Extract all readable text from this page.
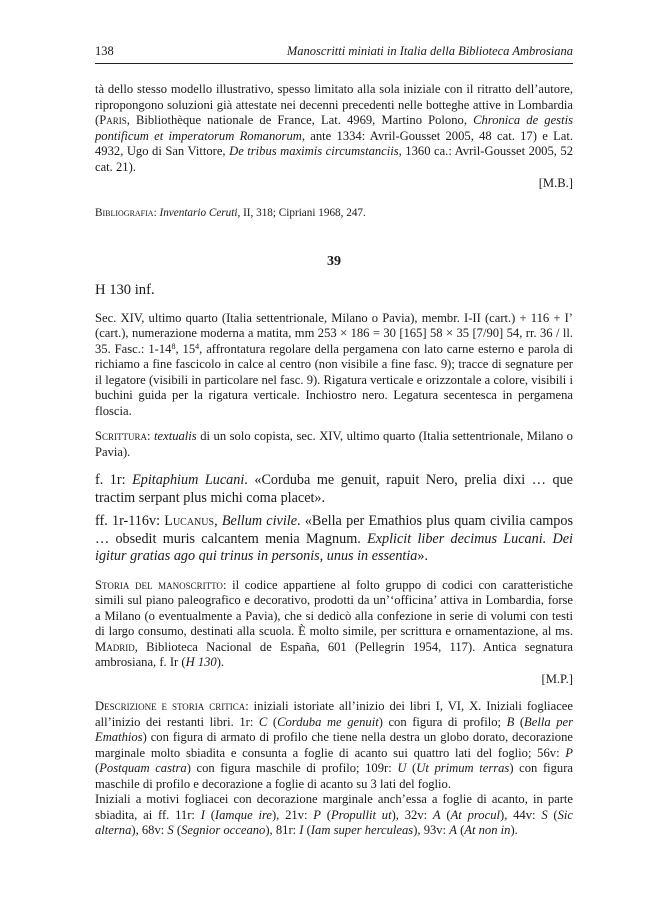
138	Manoscritti miniati in Italia della Biblioteca Ambrosiana

tà dello stesso modello illustrativo, spesso limitato alla sola iniziale con il ritratto dell’autore, ripropongono soluzioni già attestate nei decenni precedenti nelle botteghe attive in Lombardia (Paris, Bibliothèque nationale de France, Lat. 4969, Martino Polono, Chronica de gestis pontificum et imperatorum Romanorum, ante 1334: Avril-Gousset 2005, 48 cat. 17) e Lat. 4932, Ugo di San Vittore, De tribus maximis circumstanciis, 1360 ca.: Avril-Gousset 2005, 52 cat. 21).

[M.B.]

Bibliografia: Inventario Ceruti, II, 318; Cipriani 1968, 247.

39
H 130 inf.

Sec. XIV, ultimo quarto (Italia settentrionale, Milano o Pavia), membr. I-II (cart.) + 116 + I’ (cart.), numerazione moderna a matita, mm 253 × 186 = 30 [165] 58 × 35 [7/90] 54, rr. 36 / ll. 35. Fasc.: $1-14^8$, $15^4$, affrontatura regolare della pergamena con lato carne esterno e parola di richiamo a fine fascicolo in calce al centro (non visibile a fine fasc. 9); tracce di segnature per il legatore (visibili in particolare nel fasc. 9). Rigatura verticale e orizzontale a colore, visibili i buchini guida per la rigatura verticale. Inchiostro nero. Legatura secentesca in pergamena floscia.

Scrittura: textualis di un solo copista, sec. XIV, ultimo quarto (Italia settentrionale, Milano o Pavia).

f. 1r: Epitaphium Lucani. «Corduba me genuit, rapuit Nero, prelia dixi … que tractim serpant plus michi coma placet».

ff. 1r-116v: Lucanus, Bellum civile. «Bella per Emathios plus quam civilia campos … obsedit muris calcantem menia Magnum. Explicit liber decimus Lucani. Dei igitur gratias ago qui trinus in personis, unus in essentia».

Storia del manoscritto: il codice appartiene al folto gruppo di codici con caratteristiche simili sul piano paleografico e decorativo, prodotti da un’‘officina’ attiva in Lombardia, forse a Milano (o eventualmente a Pavia), che si dedicò alla confezione in serie di volumi con testi di largo consumo, destinati alla scuola. È molto simile, per scrittura e ornamentazione, al ms. Madrid, Biblioteca Nacional de España, 601 (Pellegrin 1954, 117). Antica segnatura ambrosiana, f. Ir (H 130).

[M.P.]

Descrizione e storia critica: iniziali istoriate all’inizio dei libri I, VI, X. Iniziali fogliacee all’inizio dei restanti libri. 1r: C (Corduba me genuit) con figura di profilo; B (Bella per Emathios) con figura di armato di profilo che tiene nella destra un globo dorato, decorazione marginale molto sbiadita e consunta a foglie di acanto sui quattro lati del foglio; 56v: P (Postquam castra) con figura maschile di profilo; 109r: U (Ut primum terras) con figura maschile di profilo e decorazione a foglie di acanto su 3 lati del foglio.

Iniziali a motivi fogliacei con decorazione marginale anch’essa a foglie di acanto, in parte sbiadita, ai ff. 11r: I (Iamque ire), 21v: P (Propullit ut), 32v: A (At procul), 44v: S (Sic alterna), 68v: S (Segnior occeano), 81r: I (Iam super herculeas), 93v: A (At non in).
